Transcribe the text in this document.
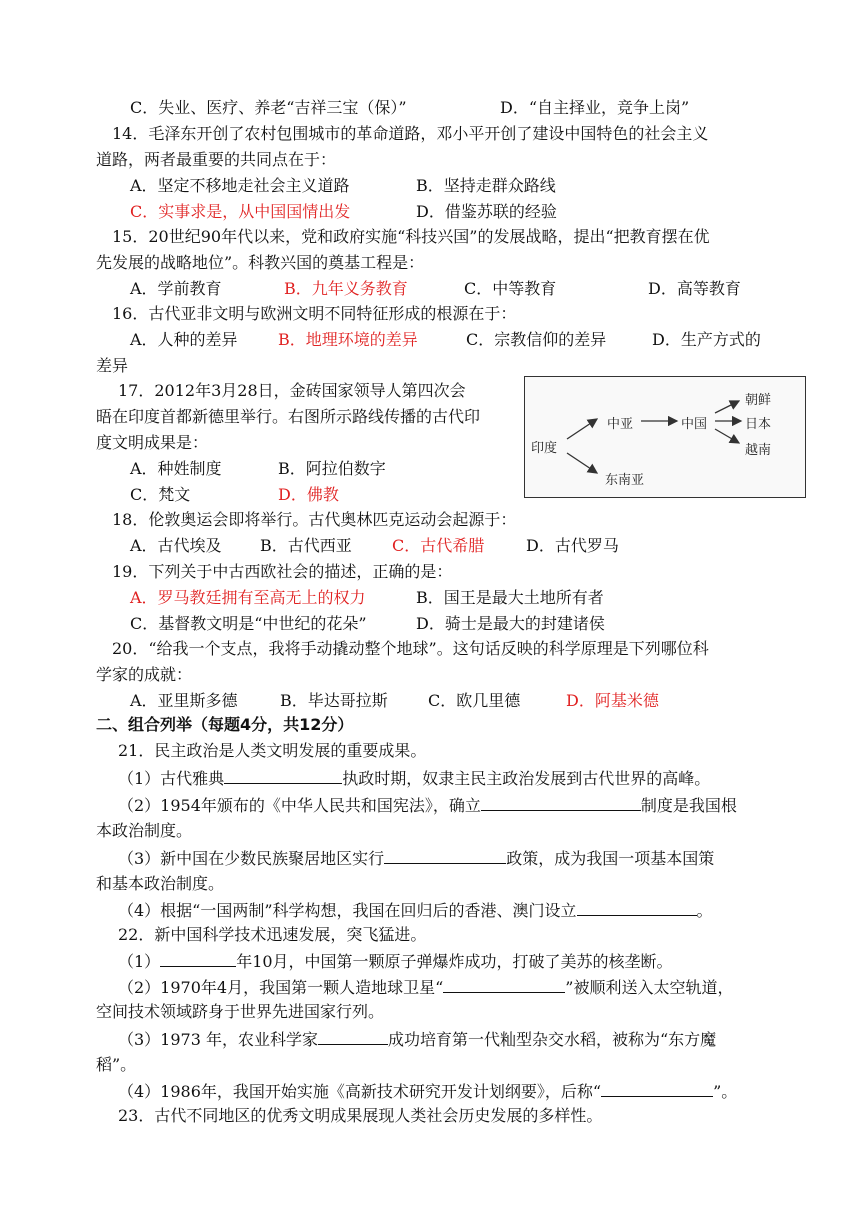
C．失业、医疗、养老“吉祥三宝（保）”	D．“自主择业，竞争上岗”
14．毛泽东开创了农村包围城市的革命道路，邓小平开创了建设中国特色的社会主义
道路，两者最重要的共同点在于：
A．坚定不移地走社会主义道路	B．坚持走群众路线
C．实事求是，从中国国情出发	D．借鉴苏联的经验
15．20世纪90年代以来，党和政府实施“科技兴国”的发展战略，提出“把教育摆在优
先发展的战略地位”。科教兴国的奠基工程是：
A．学前教育	B．九年义务教育	C．中等教育	D．高等教育
16．古代亚非文明与欧洲文明不同特征形成的根源在于：
A．人种的差异	B．地理环境的差异	C．宗教信仰的差异	D．生产方式的
差异
17．2012年3月28日，金砖国家领导人第四次会
晤在印度首都新德里举行。右图所示路线传播的古代印
度文明成果是：
A．种姓制度	B．阿拉伯数字
C．梵文	D．佛教
印度
中亚	中国
朝鲜
日本
越南
东南亚
18．伦敦奥运会即将举行。古代奥林匹克运动会起源于：
A．古代埃及 B．古代西亚	C．古代希腊	D．古代罗马
19．下列关于中古西欧社会的描述，正确的是：
A．罗马教廷拥有至高无上的权力	B．国王是最大土地所有者
C．基督教文明是“中世纪的花朵”	D．骑士是最大的封建诸侯
20．“给我一个支点，我将手动撬动整个地球”。这句话反映的科学原理是下列哪位科
学家的成就：
A．亚里斯多德	B．毕达哥拉斯	C．欧几里德	D．阿基米德
二、组合列举（每题4分，共12分）
21．民主政治是人类文明发展的重要成果。
（1）古代雅典	执政时期，奴隶主民主政治发展到古代世界的高峰。
（2）1954年颁布的《中华人民共和国宪法》，确立	制度是我国根
本政治制度。
（3）新中国在少数民族聚居地区实行	政策，成为我国一项基本国策
和基本政治制度。
（4）根据“一国两制”科学构想，我国在回归后的香港、澳门设立	。
22．新中国科学技术迅速发展，突飞猛进。
（1）	年10月，中国第一颗原子弹爆炸成功，打破了美苏的核垄断。
（2）1970年4月，我国第一颗人造地球卫星“	”被顺利送入太空轨道，
空间技术领域跻身于世界先进国家行列。
（3）1973 年，农业科学家	成功培育第一代籼型杂交水稻，被称为“东方魔
稻”。
（4）1986年，我国开始实施《高新技术研究开发计划纲要》，后称“	”。
23．古代不同地区的优秀文明成果展现人类社会历史发展的多样性。
